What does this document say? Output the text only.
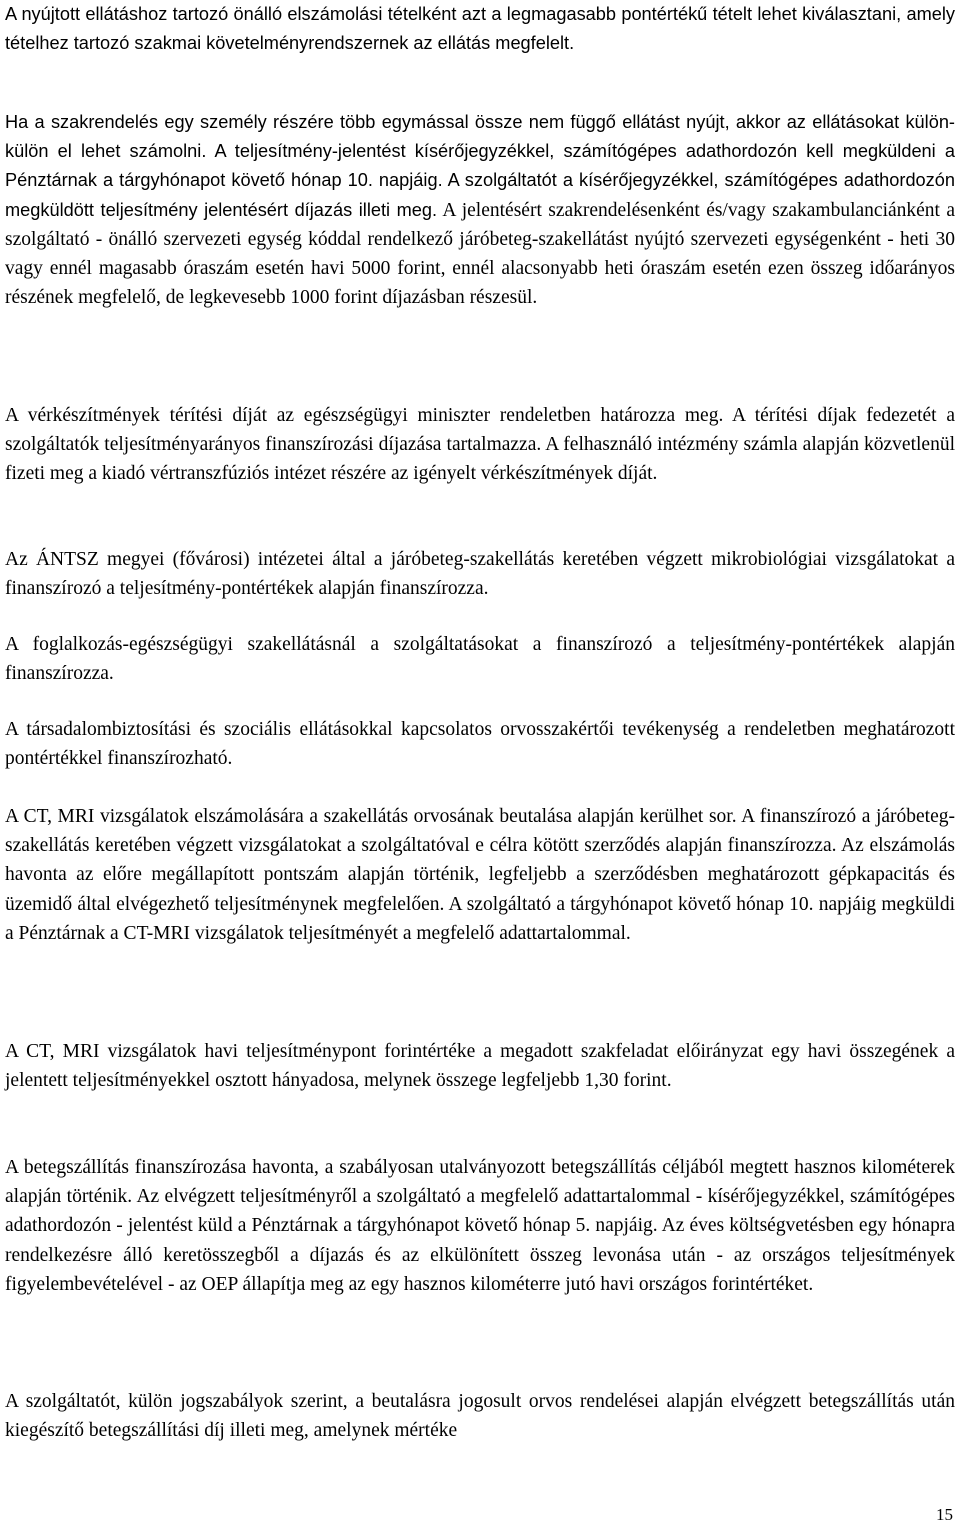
A nyújtott ellátáshoz tartozó önálló elszámolási tételként azt a legmagasabb pontértékű tételt lehet kiválasztani, amely tételhez tartozó szakmai követelményrendszernek az ellátás megfelelt.

Ha a szakrendelés egy személy részére több egymással össze nem függő ellátást nyújt, akkor az ellátásokat külön-külön el lehet számolni. A teljesítmény-jelentést kísérőjegyzékkel, számítógépes adathordozón kell megküldeni a Pénztárnak a tárgyhónapot követő hónap 10. napjáig. A szolgáltatót a kísérőjegyzékkel, számítógépes adathordozón megküldött teljesítmény jelentésért díjazás illeti meg. A jelentésért szakrendelésenként és/vagy szakambulanciánként a szolgáltató - önálló szervezeti egység kóddal rendelkező járóbeteg-szakellátást nyújtó szervezeti egységenként - heti 30 vagy ennél magasabb óraszám esetén havi 5000 forint, ennél alacsonyabb heti óraszám esetén ezen összeg időarányos részének megfelelő, de legkevesebb 1000 forint díjazásban részesül.

A vérkészítmények térítési díját az egészségügyi miniszter rendeletben határozza meg. A térítési díjak fedezetét a szolgáltatók teljesítményarányos finanszírozási díjazása tartalmazza. A felhasználó intézmény számla alapján közvetlenül fizeti meg a kiadó vértranszfúziós intézet részére az igényelt vérkészítmények díját.

Az ÁNTSZ megyei (fővárosi) intézetei által a járóbeteg-szakellátás keretében végzett mikrobiológiai vizsgálatokat a finanszírozó a teljesítmény-pontértékek alapján finanszírozza.

A foglalkozás-egészségügyi szakellátásnál a szolgáltatásokat a finanszírozó a teljesítmény-pontértékek alapján finanszírozza.

A társadalombiztosítási és szociális ellátásokkal kapcsolatos orvosszakértői tevékenység a rendeletben meghatározott pontértékkel finanszírozható.

A CT, MRI vizsgálatok elszámolására a szakellátás orvosának beutalása alapján kerülhet sor. A finanszírozó a járóbeteg-szakellátás keretében végzett vizsgálatokat a szolgáltatóval e célra kötött szerződés alapján finanszírozza. Az elszámolás havonta az előre megállapított pontszám alapján történik, legfeljebb a szerződésben meghatározott gépkapacitás és üzemidő által elvégezhető teljesítménynek megfelelően. A szolgáltató a tárgyhónapot követő hónap 10. napjáig megküldi a Pénztárnak a CT-MRI vizsgálatok teljesítményét a megfelelő adattartalommal.

A CT, MRI vizsgálatok havi teljesítménypont forintértéke a megadott szakfeladat előirányzat egy havi összegének a jelentett teljesítményekkel osztott hányadosa, melynek összege legfeljebb 1,30 forint.

A betegszállítás finanszírozása havonta, a szabályosan utalványozott betegszállítás céljából megtett hasznos kilométerek alapján történik. Az elvégzett teljesítményről a szolgáltató a megfelelő adattartalommal - kísérőjegyzékkel, számítógépes adathordozón - jelentést küld a Pénztárnak a tárgyhónapot követő hónap 5. napjáig. Az éves költségvetésben egy hónapra rendelkezésre álló keretösszegből a díjazás és az elkülönített összeg levonása után - az országos teljesítmények figyelembevételével - az OEP állapítja meg az egy hasznos kilométerre jutó havi országos forintértéket.

A szolgáltatót, külön jogszabályok szerint, a beutalásra jogosult orvos rendelései alapján elvégzett betegszállítás után kiegészítő betegszállítási díj illeti meg, amelynek mértéke

15
